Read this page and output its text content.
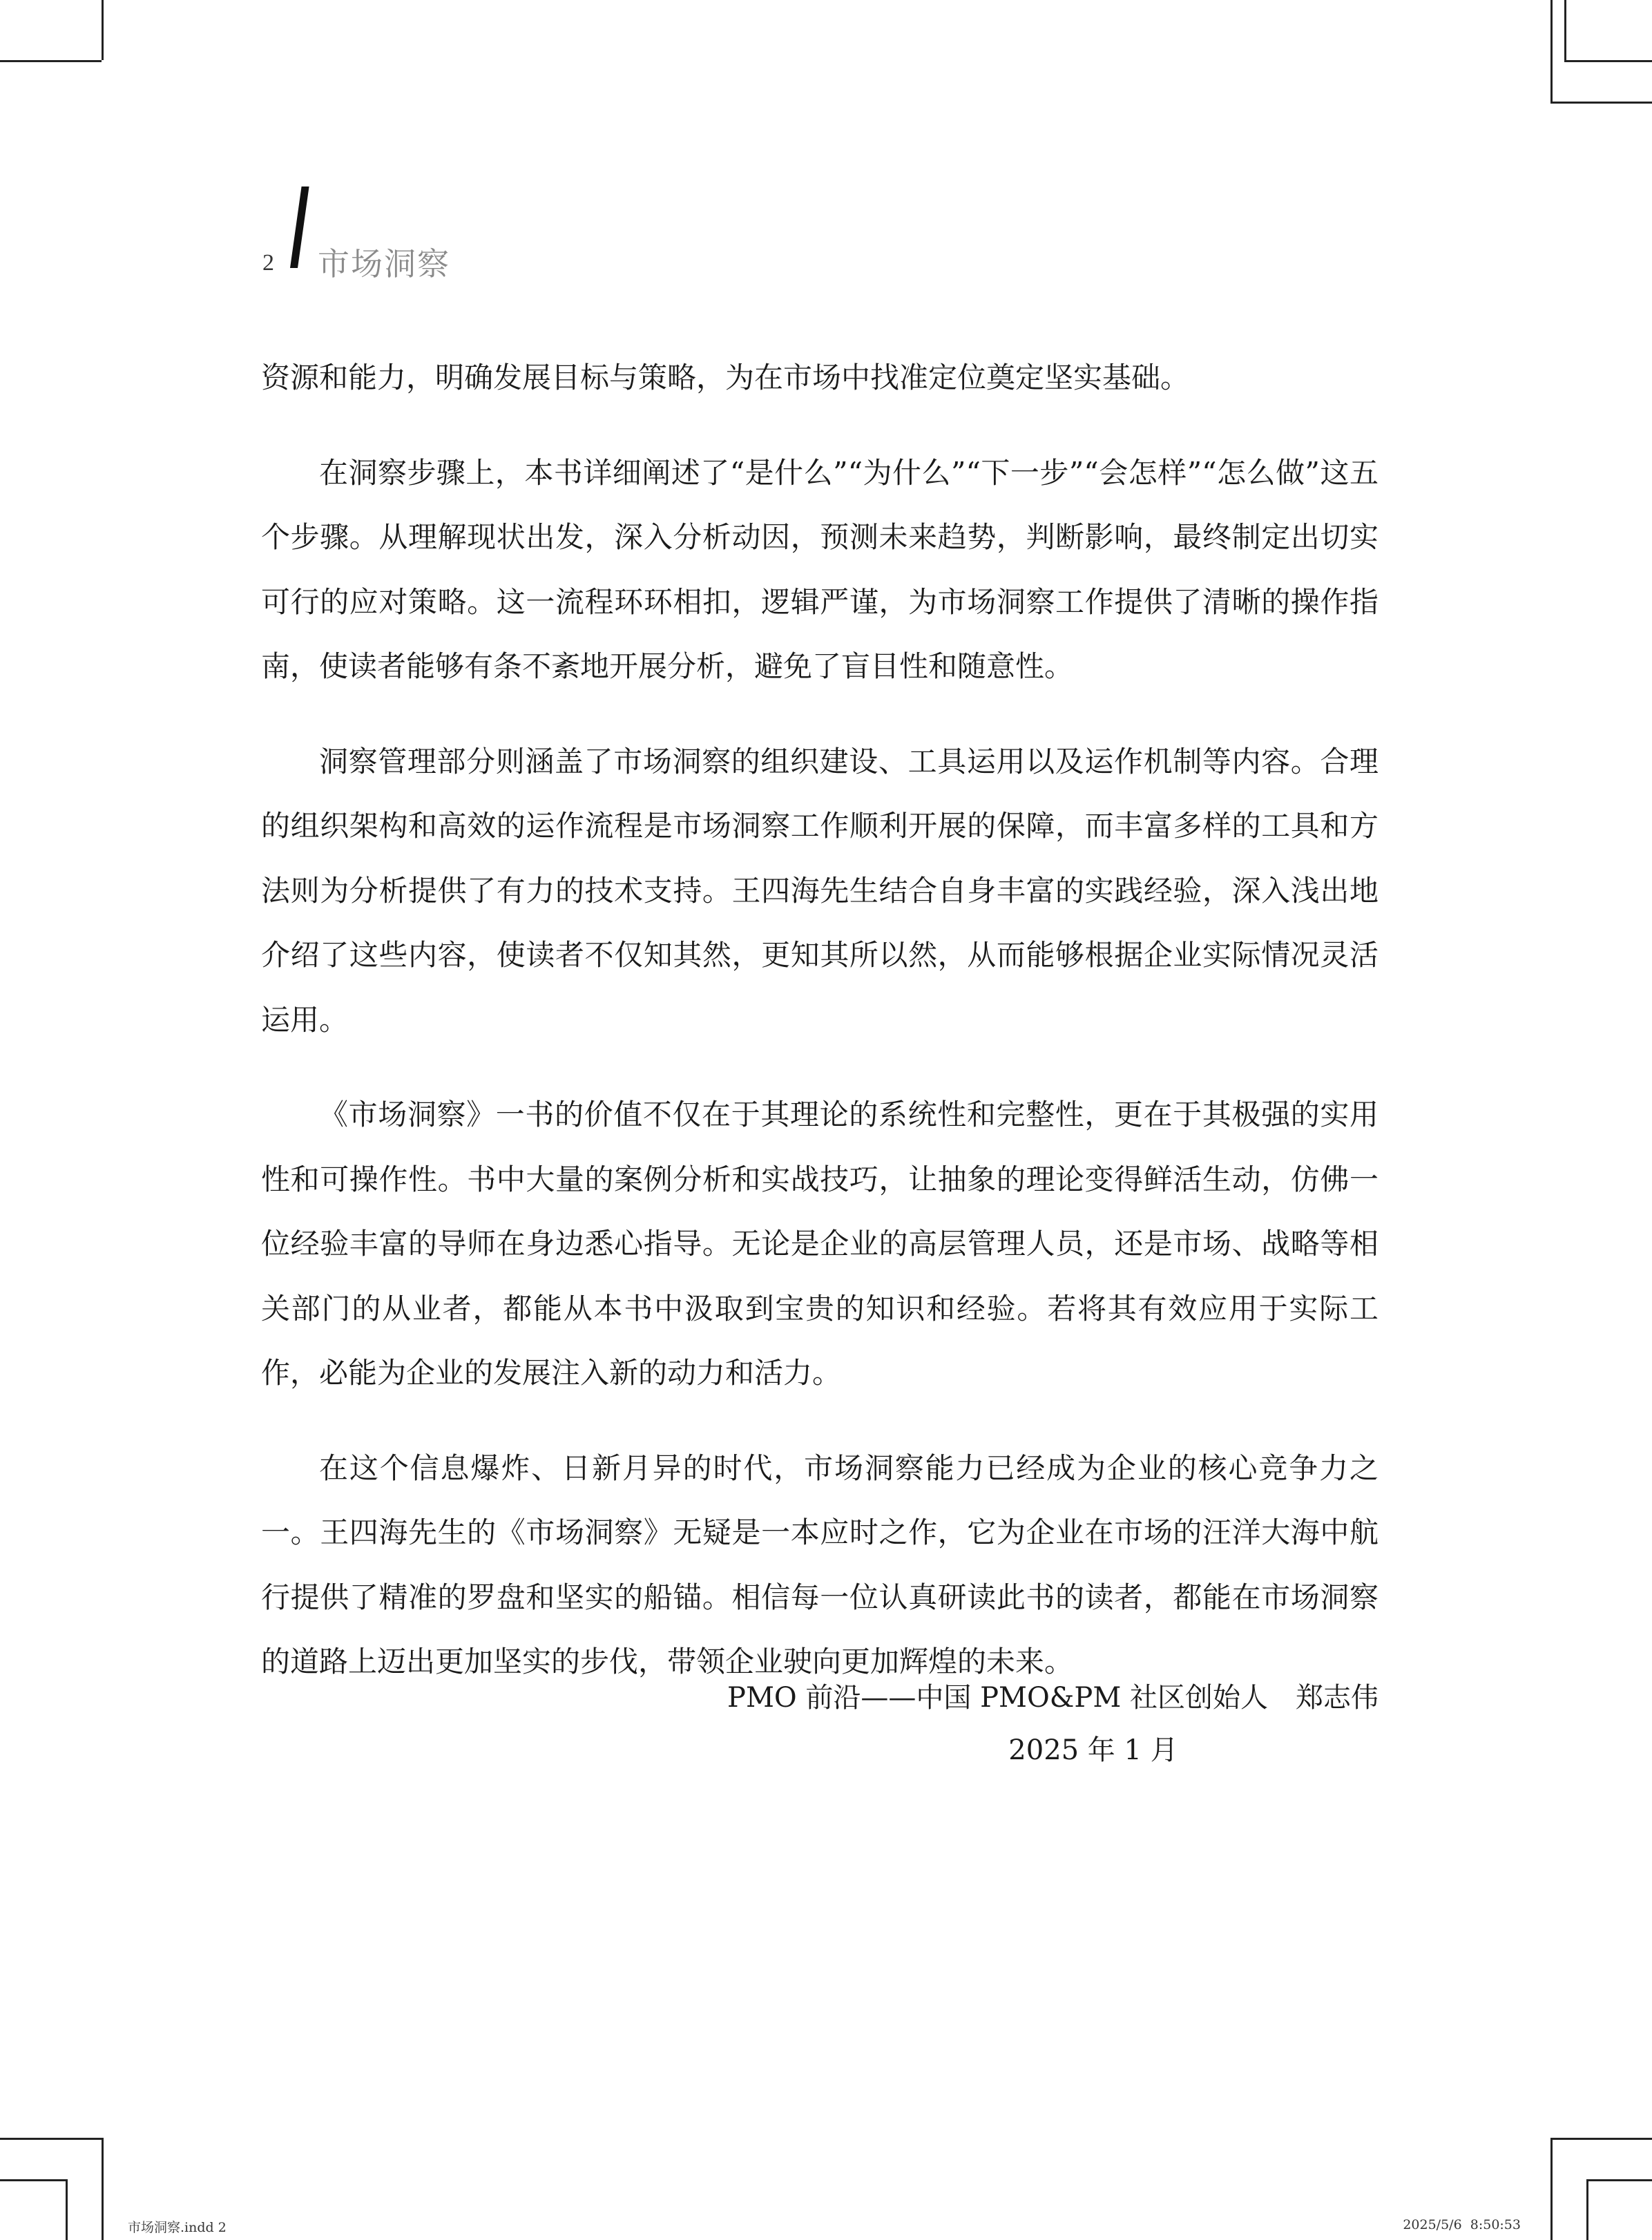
2 市场洞察

资源和能力，明确发展目标与策略，为在市场中找准定位奠定坚实基础。

在洞察步骤上，本书详细阐述了“是什么”“为什么”“下一步”“会怎样”“怎么做”这五个步骤。从理解现状出发，深入分析动因，预测未来趋势，判断影响，最终制定出切实可行的应对策略。这一流程环环相扣，逻辑严谨，为市场洞察工作提供了清晰的操作指南，使读者能够有条不紊地开展分析，避免了盲目性和随意性。

洞察管理部分则涵盖了市场洞察的组织建设、工具运用以及运作机制等内容。合理的组织架构和高效的运作流程是市场洞察工作顺利开展的保障，而丰富多样的工具和方法则为分析提供了有力的技术支持。王四海先生结合自身丰富的实践经验，深入浅出地介绍了这些内容，使读者不仅知其然，更知其所以然，从而能够根据企业实际情况灵活运用。

《市场洞察》一书的价值不仅在于其理论的系统性和完整性，更在于其极强的实用性和可操作性。书中大量的案例分析和实战技巧，让抽象的理论变得鲜活生动，仿佛一位经验丰富的导师在身边悉心指导。无论是企业的高层管理人员，还是市场、战略等相关部门的从业者，都能从本书中汲取到宝贵的知识和经验。若将其有效应用于实际工作，必能为企业的发展注入新的动力和活力。

在这个信息爆炸、日新月异的时代，市场洞察能力已经成为企业的核心竞争力之一。王四海先生的《市场洞察》无疑是一本应时之作，它为企业在市场的汪洋大海中航行提供了精准的罗盘和坚实的船锚。相信每一位认真研读此书的读者，都能在市场洞察的道路上迈出更加坚实的步伐，带领企业驶向更加辉煌的未来。

PMO 前沿——中国 PMO&PM 社区创始人　郑志伟
2025 年 1 月
市场洞察.indd 2	2025/5/6  8:50:53
